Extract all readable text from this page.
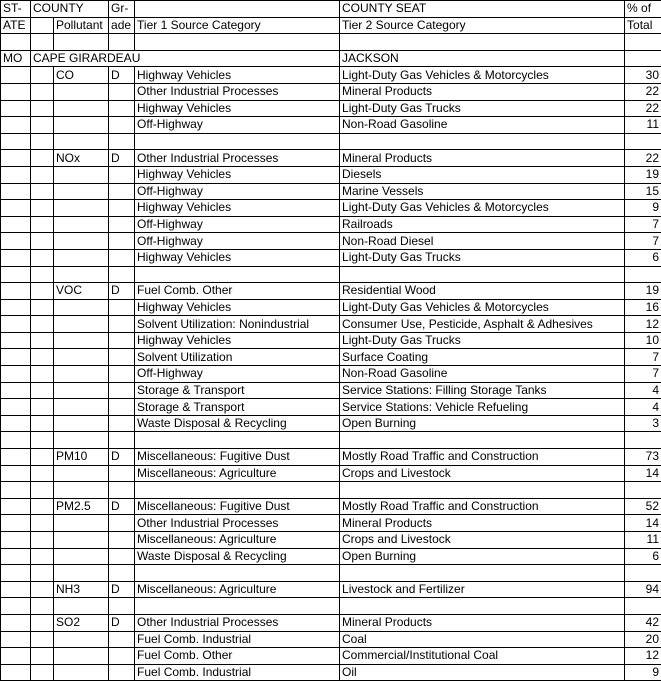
ST-	COUNTY		Gr-		COUNTY SEAT	% of
ATE		Pollutant	ade	Tier 1 Source Category	Tier 2 Source Category	Total

MO	CAPE GIRARDEAU				JACKSON	
		CO	D	Highway Vehicles	Light-Duty Gas Vehicles & Motorcycles	30
				Other Industrial Processes	Mineral Products	22
				Highway Vehicles	Light-Duty Gas Trucks	22
				Off-Highway	Non-Road Gasoline	11

		NOx	D	Other Industrial Processes	Mineral Products	22
				Highway Vehicles	Diesels	19
				Off-Highway	Marine Vessels	15
				Highway Vehicles	Light-Duty Gas Vehicles & Motorcycles	9
				Off-Highway	Railroads	7
				Off-Highway	Non-Road Diesel	7
				Highway Vehicles	Light-Duty Gas Trucks	6

		VOC	D	Fuel Comb. Other	Residential Wood	19
				Highway Vehicles	Light-Duty Gas Vehicles & Motorcycles	16
				Solvent Utilization: Nonindustrial	Consumer Use, Pesticide, Asphalt & Adhesives	12
				Highway Vehicles	Light-Duty Gas Trucks	10
				Solvent Utilization	Surface Coating	7
				Off-Highway	Non-Road Gasoline	7
				Storage & Transport	Service Stations: Filling Storage Tanks	4
				Storage & Transport	Service Stations: Vehicle Refueling	4
				Waste Disposal & Recycling	Open Burning	3

		PM10	D	Miscellaneous: Fugitive Dust	Mostly Road Traffic and Construction	73
				Miscellaneous: Agriculture	Crops and Livestock	14

		PM2.5	D	Miscellaneous: Fugitive Dust	Mostly Road Traffic and Construction	52
				Other Industrial Processes	Mineral Products	14
				Miscellaneous: Agriculture	Crops and Livestock	11
				Waste Disposal & Recycling	Open Burning	6

		NH3	D	Miscellaneous: Agriculture	Livestock and Fertilizer	94

		SO2	D	Other Industrial Processes	Mineral Products	42
				Fuel Comb. Industrial	Coal	20
				Fuel Comb. Other	Commercial/Institutional Coal	12
				Fuel Comb. Industrial	Oil	9
